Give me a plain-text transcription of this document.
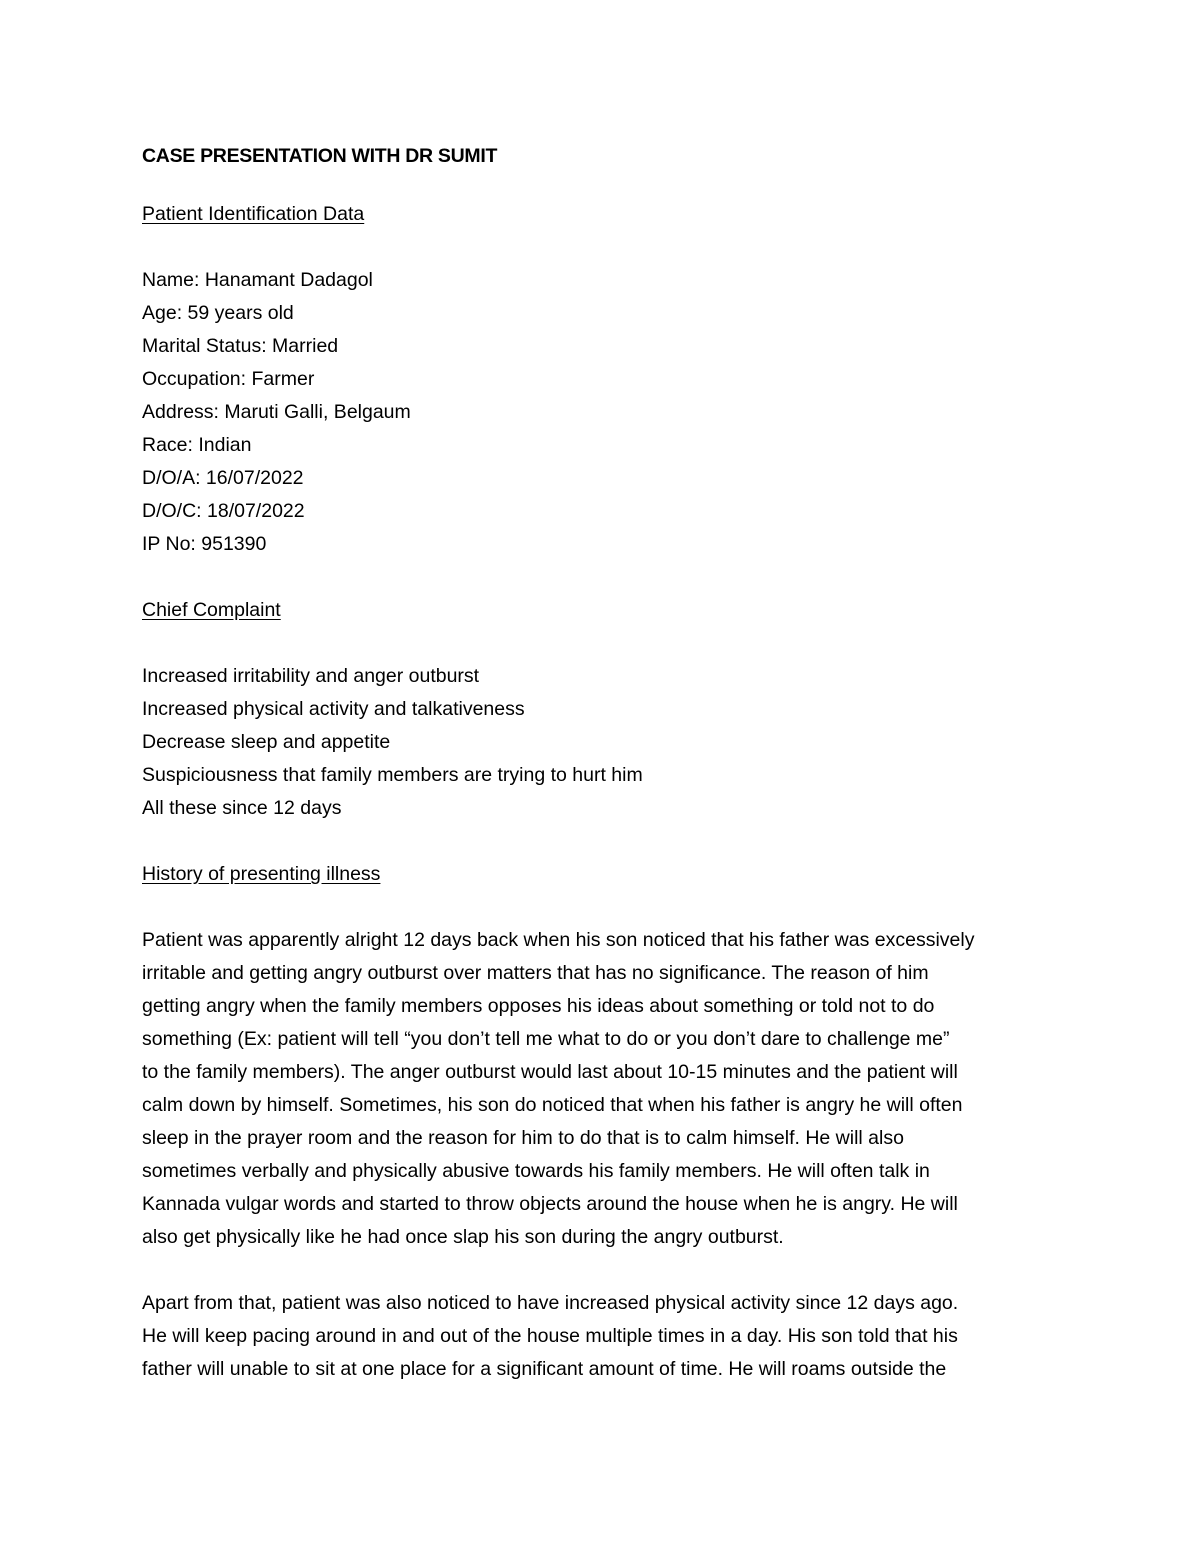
CASE PRESENTATION WITH DR SUMIT
Patient Identification Data
Name: Hanamant Dadagol
Age: 59 years old
Marital Status: Married
Occupation: Farmer
Address: Maruti Galli, Belgaum
Race: Indian
D/O/A: 16/07/2022
D/O/C: 18/07/2022
IP No: 951390
Chief Complaint
Increased irritability and anger outburst
Increased physical activity and talkativeness
Decrease sleep and appetite
Suspiciousness that family members are trying to hurt him
All these since 12 days
History of presenting illness

Patient was apparently alright 12 days back when his son noticed that his father was excessively
irritable and getting angry outburst over matters that has no significance. The reason of him
getting angry when the family members opposes his ideas about something or told not to do
something (Ex: patient will tell “you don’t tell me what to do or you don’t dare to challenge me”
to the family members). The anger outburst would last about 10-15 minutes and the patient will
calm down by himself. Sometimes, his son do noticed that when his father is angry he will often
sleep in the prayer room and the reason for him to do that is to calm himself. He will also
sometimes verbally and physically abusive towards his family members. He will often talk in
Kannada vulgar words and started to throw objects around the house when he is angry. He will
also get physically like he had once slap his son during the angry outburst.

Apart from that, patient was also noticed to have increased physical activity since 12 days ago.
He will keep pacing around in and out of the house multiple times in a day. His son told that his
father will unable to sit at one place for a significant amount of time. He will roams outside the
